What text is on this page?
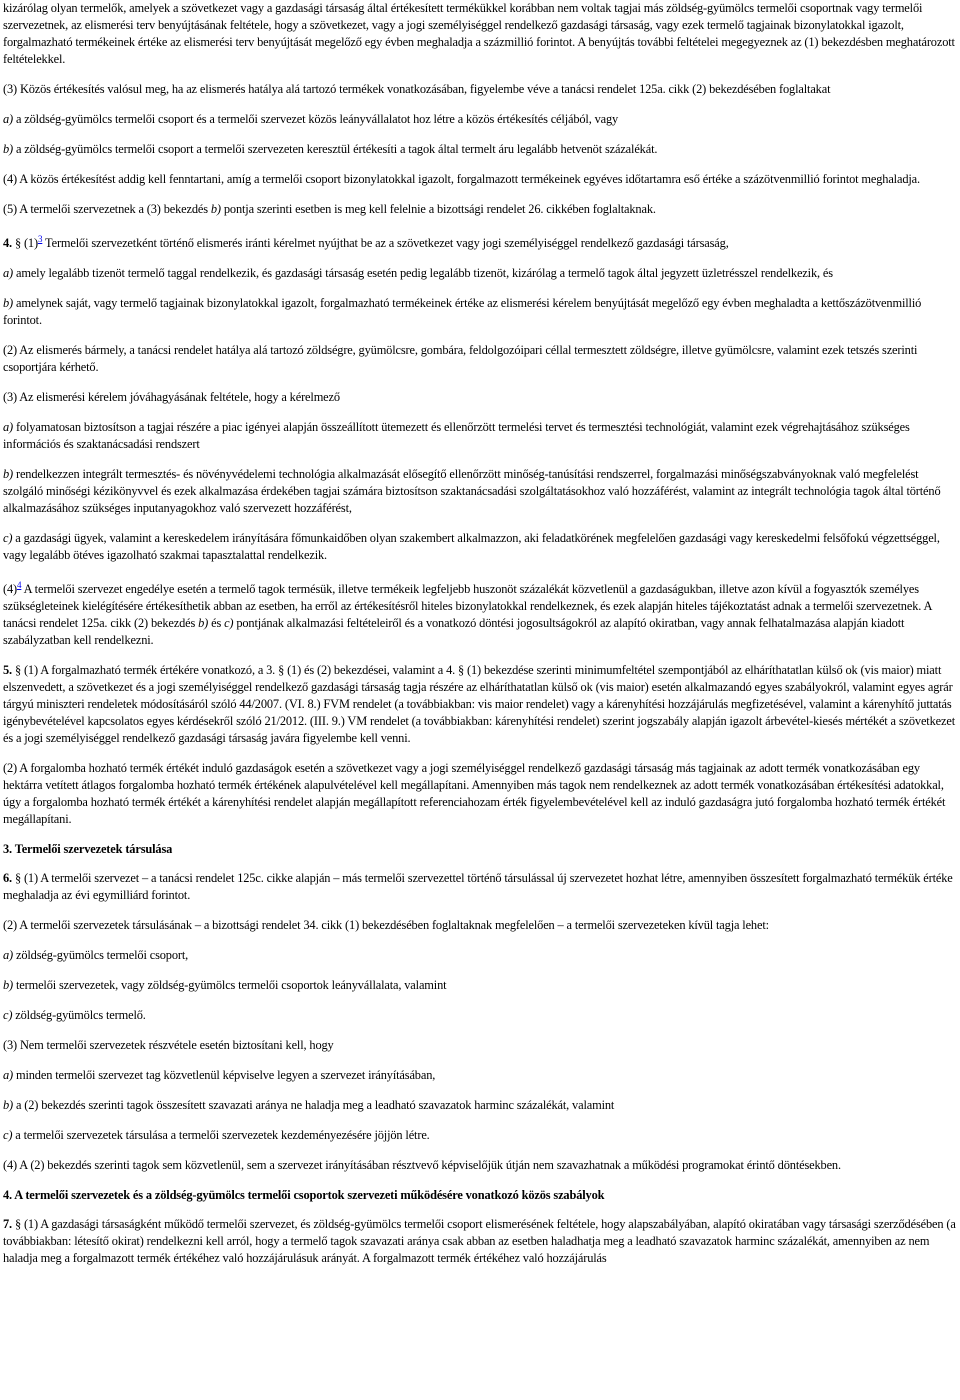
kizárólag olyan termelők, amelyek a szövetkezet vagy a gazdasági társaság által értékesített termékükkel korábban nem voltak tagjai más zöldség-gyümölcs termelői csoportnak vagy termelői szervezetnek, az elismerési terv benyújtásának feltétele, hogy a szövetkezet, vagy a jogi személyiséggel rendelkező gazdasági társaság, vagy ezek termelő tagjainak bizonylatokkal igazolt, forgalmazható termékeinek értéke az elismerési terv benyújtását megelőző egy évben meghaladja a százmillió forintot. A benyújtás további feltételei megegyeznek az (1) bekezdésben meghatározott feltételekkel.

(3) Közös értékesítés valósul meg, ha az elismerés hatálya alá tartozó termékek vonatkozásában, figyelembe véve a tanácsi rendelet 125a. cikk (2) bekezdésében foglaltakat

a) a zöldség-gyümölcs termelői csoport és a termelői szervezet közös leányvállalatot hoz létre a közös értékesítés céljából, vagy

b) a zöldség-gyümölcs termelői csoport a termelői szervezeten keresztül értékesíti a tagok által termelt áru legalább hetvenöt százalékát.

(4) A közös értékesítést addig kell fenntartani, amíg a termelői csoport bizonylatokkal igazolt, forgalmazott termékeinek egyéves időtartamra eső értéke a százötvenmillió forintot meghaladja.

(5) A termelői szervezetnek a (3) bekezdés b) pontja szerinti esetben is meg kell felelnie a bizottsági rendelet 26. cikkében foglaltaknak.

4. § $(1)^3$ Termelői szervezetként történő elismerés iránti kérelmet nyújthat be az a szövetkezet vagy jogi személyiséggel rendelkező gazdasági társaság,

a) amely legalább tizenöt termelő taggal rendelkezik, és gazdasági társaság esetén pedig legalább tizenöt, kizárólag a termelő tagok által jegyzett üzletrésszel rendelkezik, és

b) amelynek saját, vagy termelő tagjainak bizonylatokkal igazolt, forgalmazható termékeinek értéke az elismerési kérelem benyújtását megelőző egy évben meghaladta a kettőszázötvenmillió forintot.

(2) Az elismerés bármely, a tanácsi rendelet hatálya alá tartozó zöldségre, gyümölcsre, gombára, feldolgozóipari céllal termesztett zöldségre, illetve gyümölcsre, valamint ezek tetszés szerinti csoportjára kérhető.

(3) Az elismerési kérelem jóváhagyásának feltétele, hogy a kérelmező

a) folyamatosan biztosítson a tagjai részére a piac igényei alapján összeállított ütemezett és ellenőrzött termelési tervet és termesztési technológiát, valamint ezek végrehajtásához szükséges információs és szaktanácsadási rendszert

b) rendelkezzen integrált termesztés- és növényvédelemi technológia alkalmazását elősegítő ellenőrzött minőség-tanúsítási rendszerrel, forgalmazási minőségszabványoknak való megfelelést szolgáló minőségi kézikönyvvel és ezek alkalmazása érdekében tagjai számára biztosítson szaktanácsadási szolgáltatásokhoz való hozzáférést, valamint az integrált technológia tagok által történő alkalmazásához szükséges inputanyagokhoz való szervezett hozzáférést,

c) a gazdasági ügyek, valamint a kereskedelem irányítására főmunkaidőben olyan szakembert alkalmazzon, aki feladatkörének megfelelően gazdasági vagy kereskedelmi felsőfokú végzettséggel, vagy legalább ötéves igazolható szakmai tapasztalattal rendelkezik.

$(4)^4$ A termelői szervezet engedélye esetén a termelő tagok termésük, illetve termékeik legfeljebb huszonöt százalékát közvetlenül a gazdaságukban, illetve azon kívül a fogyasztók személyes szükségleteinek kielégítésére értékesíthetik abban az esetben, ha erről az értékesítésről hiteles bizonylatokkal rendelkeznek, és ezek alapján hiteles tájékoztatást adnak a termelői szervezetnek. A tanácsi rendelet 125a. cikk (2) bekezdés b) és c) pontjának alkalmazási feltételeiről és a vonatkozó döntési jogosultságokról az alapító okiratban, vagy annak felhatalmazása alapján kiadott szabályzatban kell rendelkezni.

5. § (1) A forgalmazható termék értékére vonatkozó, a 3. § (1) és (2) bekezdései, valamint a 4. § (1) bekezdése szerinti minimumfeltétel szempontjából az elháríthatatlan külső ok (vis maior) miatt elszenvedett, a szövetkezet és a jogi személyiséggel rendelkező gazdasági társaság tagja részére az elháríthatatlan külső ok (vis maior) esetén alkalmazandó egyes szabályokról, valamint egyes agrár tárgyú miniszteri rendeletek módosításáról szóló 44/2007. (VI. 8.) FVM rendelet (a továbbiakban: vis maior rendelet) vagy a kárenyhítési hozzájárulás megfizetésével, valamint a kárenyhítő juttatás igénybevételével kapcsolatos egyes kérdésekről szóló 21/2012. (III. 9.) VM rendelet (a továbbiakban: kárenyhítési rendelet) szerint jogszabály alapján igazolt árbevétel-kiesés mértékét a szövetkezet és a jogi személyiséggel rendelkező gazdasági társaság javára figyelembe kell venni.

(2) A forgalomba hozható termék értékét induló gazdaságok esetén a szövetkezet vagy a jogi személyiséggel rendelkező gazdasági társaság más tagjainak az adott termék vonatkozásában egy hektárra vetített átlagos forgalomba hozható termék értékének alapulvételével kell megállapítani. Amennyiben más tagok nem rendelkeznek az adott termék vonatkozásában értékesítési adatokkal, úgy a forgalomba hozható termék értékét a kárenyhítési rendelet alapján megállapított referenciahozam érték figyelembevételével kell az induló gazdaságra jutó forgalomba hozható termék értékét megállapítani.

3. Termelői szervezetek társulása

6. § (1) A termelői szervezet – a tanácsi rendelet 125c. cikke alapján – más termelői szervezettel történő társulással új szervezetet hozhat létre, amennyiben összesített forgalmazható termékük értéke meghaladja az évi egymilliárd forintot.

(2) A termelői szervezetek társulásának – a bizottsági rendelet 34. cikk (1) bekezdésében foglaltaknak megfelelően – a termelői szervezeteken kívül tagja lehet:

a) zöldség-gyümölcs termelői csoport,

b) termelői szervezetek, vagy zöldség-gyümölcs termelői csoportok leányvállalata, valamint

c) zöldség-gyümölcs termelő.

(3) Nem termelői szervezetek részvétele esetén biztosítani kell, hogy

a) minden termelői szervezet tag közvetlenül képviselve legyen a szervezet irányításában,

b) a (2) bekezdés szerinti tagok összesített szavazati aránya ne haladja meg a leadható szavazatok harminc százalékát, valamint

c) a termelői szervezetek társulása a termelői szervezetek kezdeményezésére jöjjön létre.

(4) A (2) bekezdés szerinti tagok sem közvetlenül, sem a szervezet irányításában résztvevő képviselőjük útján nem szavazhatnak a működési programokat érintő döntésekben.

4. A termelői szervezetek és a zöldség-gyümölcs termelői csoportok szervezeti működésére vonatkozó közös szabályok

7. § (1) A gazdasági társaságként működő termelői szervezet, és zöldség-gyümölcs termelői csoport elismerésének feltétele, hogy alapszabályában, alapító okiratában vagy társasági szerződésében (a továbbiakban: létesítő okirat) rendelkezni kell arról, hogy a termelő tagok szavazati aránya csak abban az esetben haladhatja meg a leadható szavazatok harminc százalékát, amennyiben az nem haladja meg a forgalmazott termék értékéhez való hozzájárulásuk arányát. A forgalmazott termék értékéhez való hozzájárulás
